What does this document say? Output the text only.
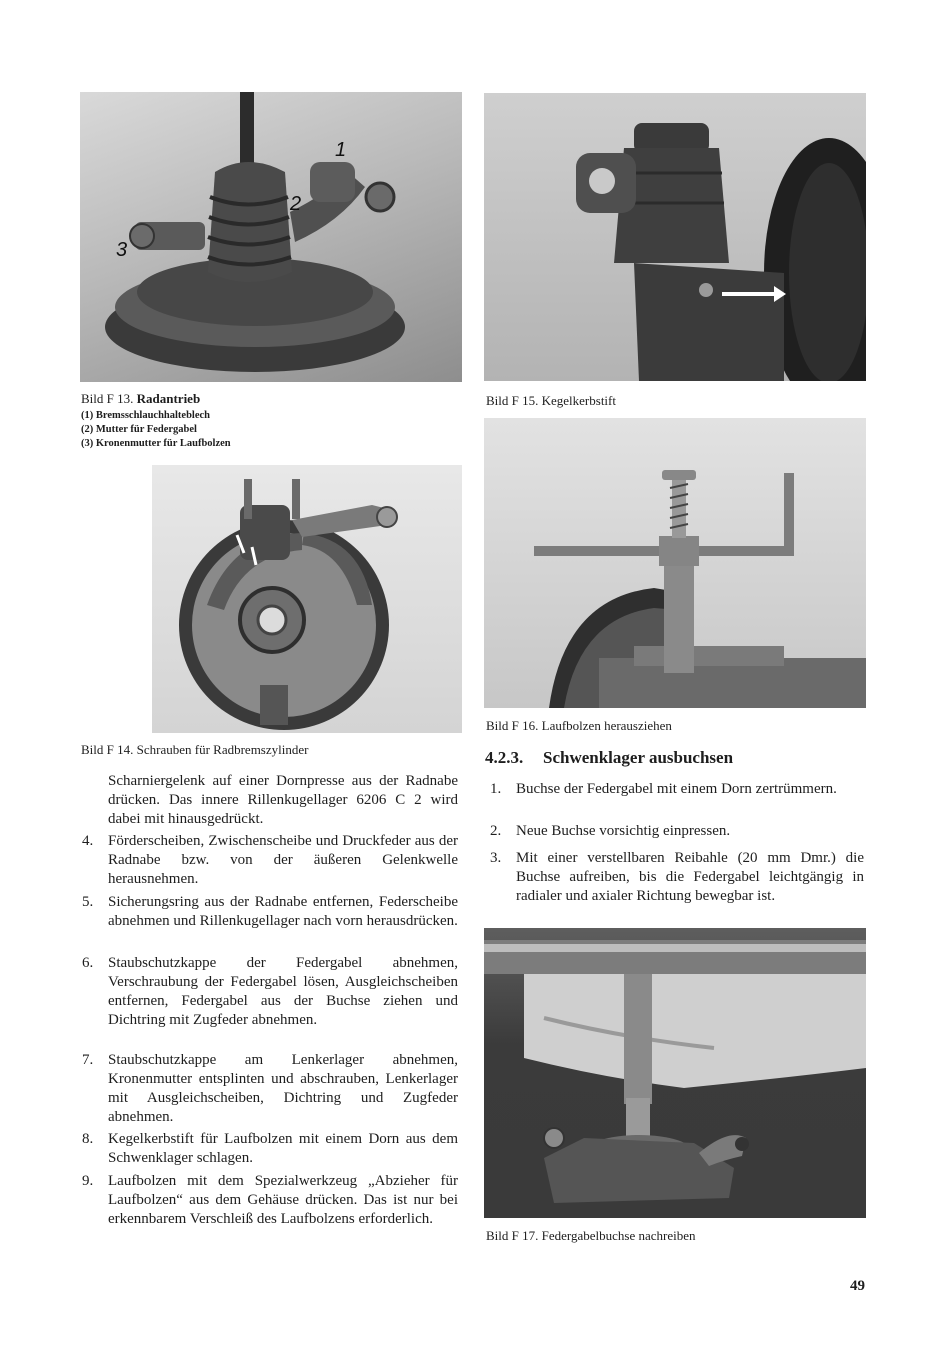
1
2
3
Bild F 13. Radantrieb
(1) Bremsschlauchhalteblech
(2) Mutter für Federgabel
(3) Kronenmutter für Laufbolzen
Bild F 15. Kegelkerbstift
Bild F 14. Schrauben für Radbremszylinder
Bild F 16. Laufbolzen herausziehen
4.2.3. Schwenklager ausbuchsen
1. Buchse der Federgabel mit einem Dorn zertrümmern.
2. Neue Buchse vorsichtig einpressen.
3. Mit einer verstellbaren Reibahle (20 mm Dmr.) die Buchse aufreiben, bis die Federgabel leichtgängig in radialer und axialer Richtung bewegbar ist.
Bild F 17. Federgabelbuchse nachreiben
Scharniergelenk auf einer Dornpresse aus der Radnabe drücken. Das innere Rillenkugellager 6206 C 2 wird dabei mit hinausgedrückt.
4. Förderscheiben, Zwischenscheibe und Druckfeder aus der Radnabe bzw. von der äußeren Gelenkwelle herausnehmen.
5. Sicherungsring aus der Radnabe entfernen, Federscheibe abnehmen und Rillenkugellager nach vorn herausdrücken.
6. Staubschutzkappe der Federgabel abnehmen, Verschraubung der Federgabel lösen, Ausgleichscheiben entfernen, Federgabel aus der Buchse ziehen und Dichtring mit Zugfeder abnehmen.
7. Staubschutzkappe am Lenkerlager abnehmen, Kronenmutter entsplinten und abschrauben, Lenkerlager mit Ausgleichscheiben, Dichtring und Zugfeder abnehmen.
8. Kegelkerbstift für Laufbolzen mit einem Dorn aus dem Schwenklager schlagen.
9. Laufbolzen mit dem Spezialwerkzeug „Abzieher für Laufbolzen“ aus dem Gehäuse drücken. Das ist nur bei erkennbarem Verschleiß des Laufbolzens erforderlich.
49
